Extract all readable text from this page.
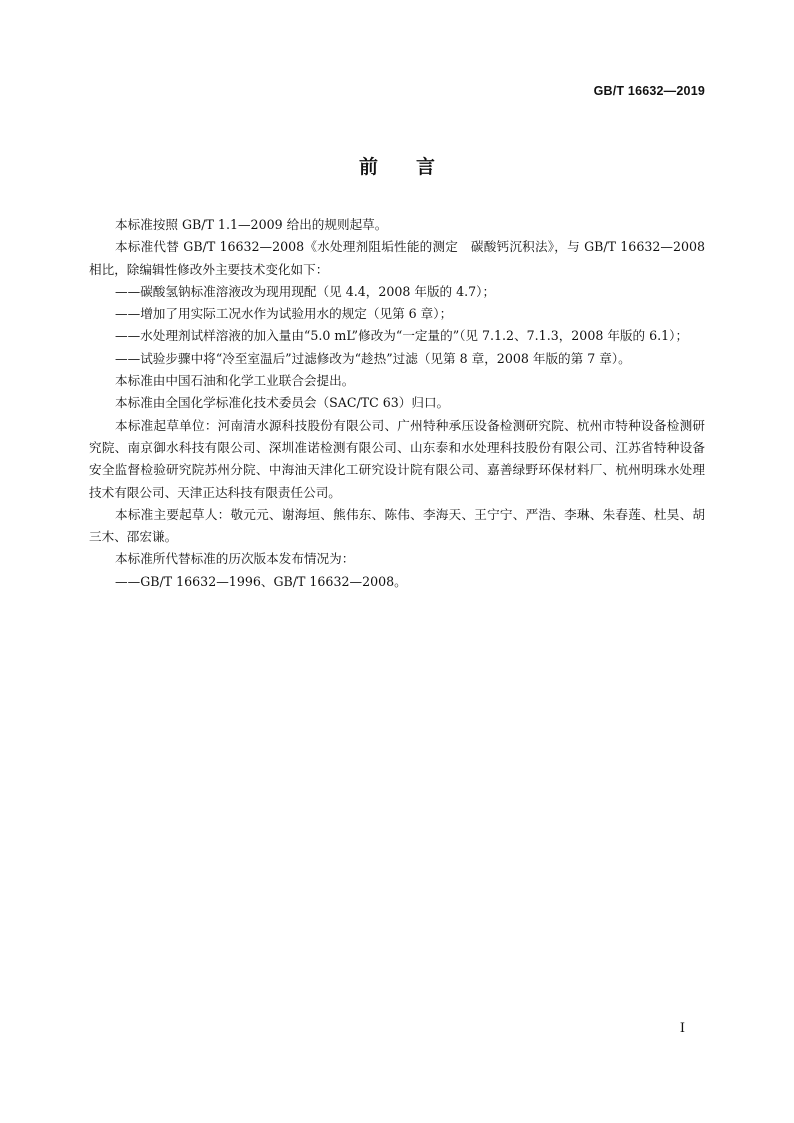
GB/T 16632—2019
前 言

本标准按照 GB/T 1.1—2009 给出的规则起草。

本标准代替 GB/T 16632—2008《水处理剂阻垢性能的测定　碳酸钙沉积法》，与 GB/T 16632—2008 相比，除编辑性修改外主要技术变化如下：

——碳酸氢钠标准溶液改为现用现配（见 4.4，2008 年版的 4.7）；

——增加了用实际工况水作为试验用水的规定（见第 6 章）；

——水处理剂试样溶液的加入量由“5.0 mL”修改为“一定量的”（见 7.1.2、7.1.3，2008 年版的 6.1）；

——试验步骤中将“冷至室温后”过滤修改为“趁热”过滤（见第 8 章，2008 年版的第 7 章）。

本标准由中国石油和化学工业联合会提出。

本标准由全国化学标准化技术委员会（SAC/TC 63）归口。

本标准起草单位：河南清水源科技股份有限公司、广州特种承压设备检测研究院、杭州市特种设备检测研究院、南京御水科技有限公司、深圳准诺检测有限公司、山东泰和水处理科技股份有限公司、江苏省特种设备安全监督检验研究院苏州分院、中海油天津化工研究设计院有限公司、嘉善绿野环保材料厂、杭州明珠水处理技术有限公司、天津正达科技有限责任公司。

本标准主要起草人：敬元元、谢海垣、熊伟东、陈伟、李海天、王宁宁、严浩、李琳、朱春莲、杜昊、胡三木、邵宏谦。

本标准所代替标准的历次版本发布情况为：

——GB/T 16632—1996、GB/T 16632—2008。

I
